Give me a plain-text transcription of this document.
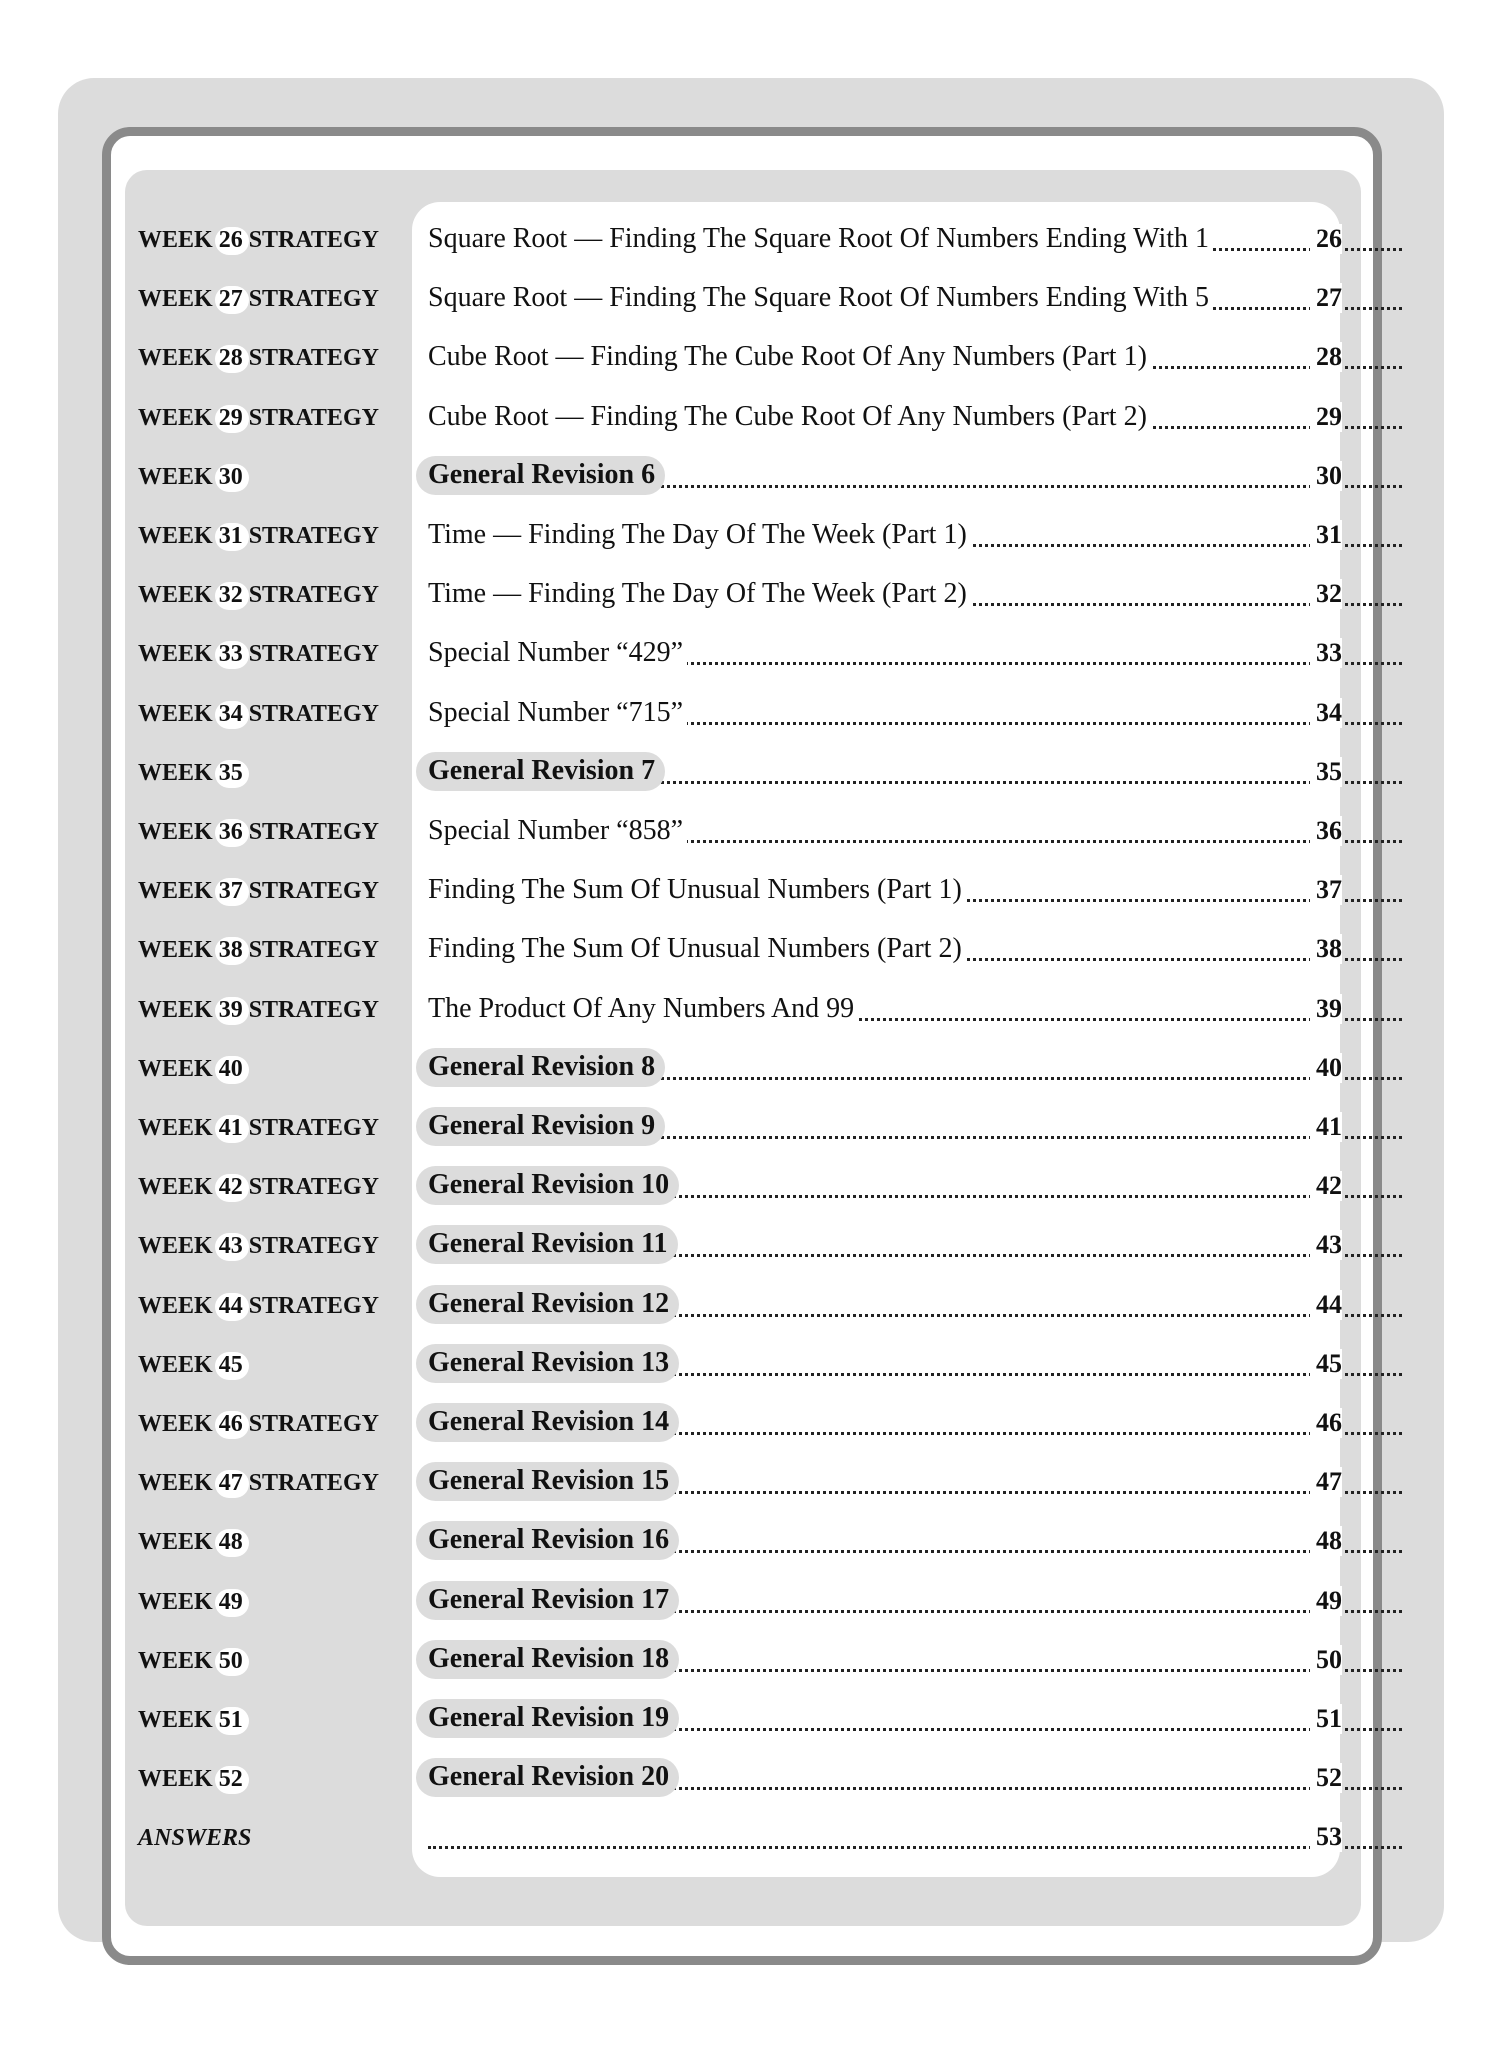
WEEK 26 STRATEGY	Square Root — Finding The Square Root Of Numbers Ending With 1	26
WEEK 27 STRATEGY	Square Root — Finding The Square Root Of Numbers Ending With 5	27
WEEK 28 STRATEGY	Cube Root — Finding The Cube Root Of Any Numbers (Part 1)	28
WEEK 29 STRATEGY	Cube Root — Finding The Cube Root Of Any Numbers (Part 2)	29
WEEK 30	General Revision 6	30
WEEK 31 STRATEGY	Time — Finding The Day Of The Week (Part 1)	31
WEEK 32 STRATEGY	Time — Finding The Day Of The Week (Part 2)	32
WEEK 33 STRATEGY	Special Number “429”	33
WEEK 34 STRATEGY	Special Number “715”	34
WEEK 35	General Revision 7	35
WEEK 36 STRATEGY	Special Number “858”	36
WEEK 37 STRATEGY	Finding The Sum Of Unusual Numbers (Part 1)	37
WEEK 38 STRATEGY	Finding The Sum Of Unusual Numbers (Part 2)	38
WEEK 39 STRATEGY	The Product Of Any Numbers And 99	39
WEEK 40	General Revision 8	40
WEEK 41 STRATEGY	General Revision 9	41
WEEK 42 STRATEGY	General Revision 10	42
WEEK 43 STRATEGY	General Revision 11	43
WEEK 44 STRATEGY	General Revision 12	44
WEEK 45	General Revision 13	45
WEEK 46 STRATEGY	General Revision 14	46
WEEK 47 STRATEGY	General Revision 15	47
WEEK 48	General Revision 16	48
WEEK 49	General Revision 17	49
WEEK 50	General Revision 18	50
WEEK 51	General Revision 19	51
WEEK 52	General Revision 20	52
ANSWERS	53
